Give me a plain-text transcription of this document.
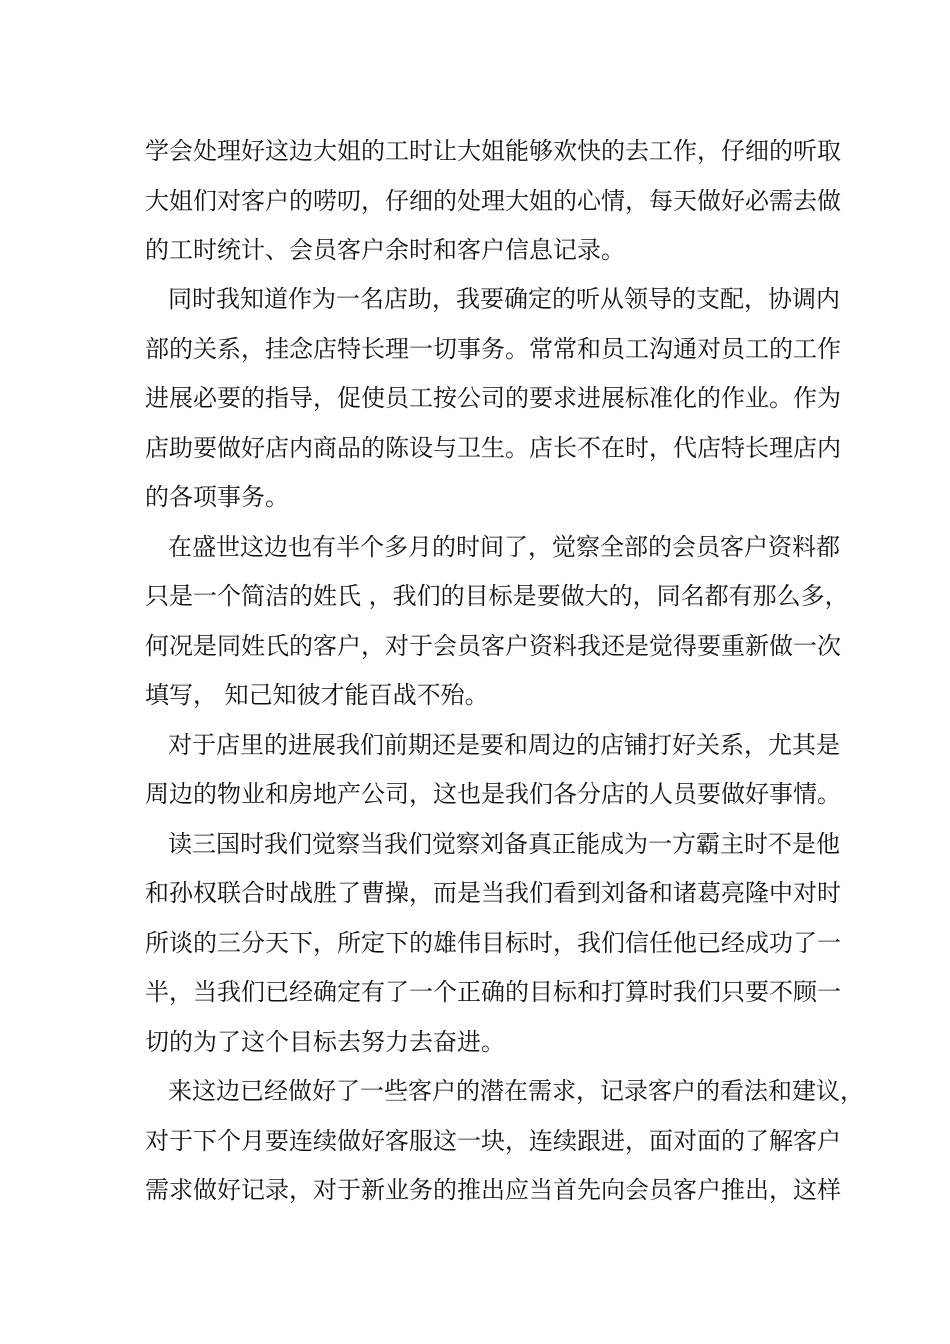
学会处理好这边大姐的工时让大姐能够欢快的去工作，仔细的听取
大姐们对客户的唠叨，仔细的处理大姐的心情，每天做好必需去做
的工时统计、会员客户余时和客户信息记录。
同时我知道作为一名店助，我要确定的听从领导的支配，协调内
部的关系，挂念店特长理一切事务。常常和员工沟通对员工的工作
进展必要的指导，促使员工按公司的要求进展标准化的作业。作为
店助要做好店内商品的陈设与卫生。店长不在时，代店特长理店内
的各项事务。
在盛世这边也有半个多月的时间了，觉察全部的会员客户资料都
只是一个简洁的姓氏 ，我们的目标是要做大的，同名都有那么多，
何况是同姓氏的客户，对于会员客户资料我还是觉得要重新做一次
填写， 知己知彼才能百战不殆。
对于店里的进展我们前期还是要和周边的店铺打好关系，尤其是
周边的物业和房地产公司，这也是我们各分店的人员要做好事情。
读三国时我们觉察当我们觉察刘备真正能成为一方霸主时不是他
和孙权联合时战胜了曹操，而是当我们看到刘备和诸葛亮隆中对时
所谈的三分天下，所定下的雄伟目标时，我们信任他已经成功了一
半，当我们已经确定有了一个正确的目标和打算时我们只要不顾一
切的为了这个目标去努力去奋进。
来这边已经做好了一些客户的潜在需求，记录客户的看法和建议，
对于下个月要连续做好客服这一块，连续跟进，面对面的了解客户
需求做好记录，对于新业务的推出应当首先向会员客户推出，这样
